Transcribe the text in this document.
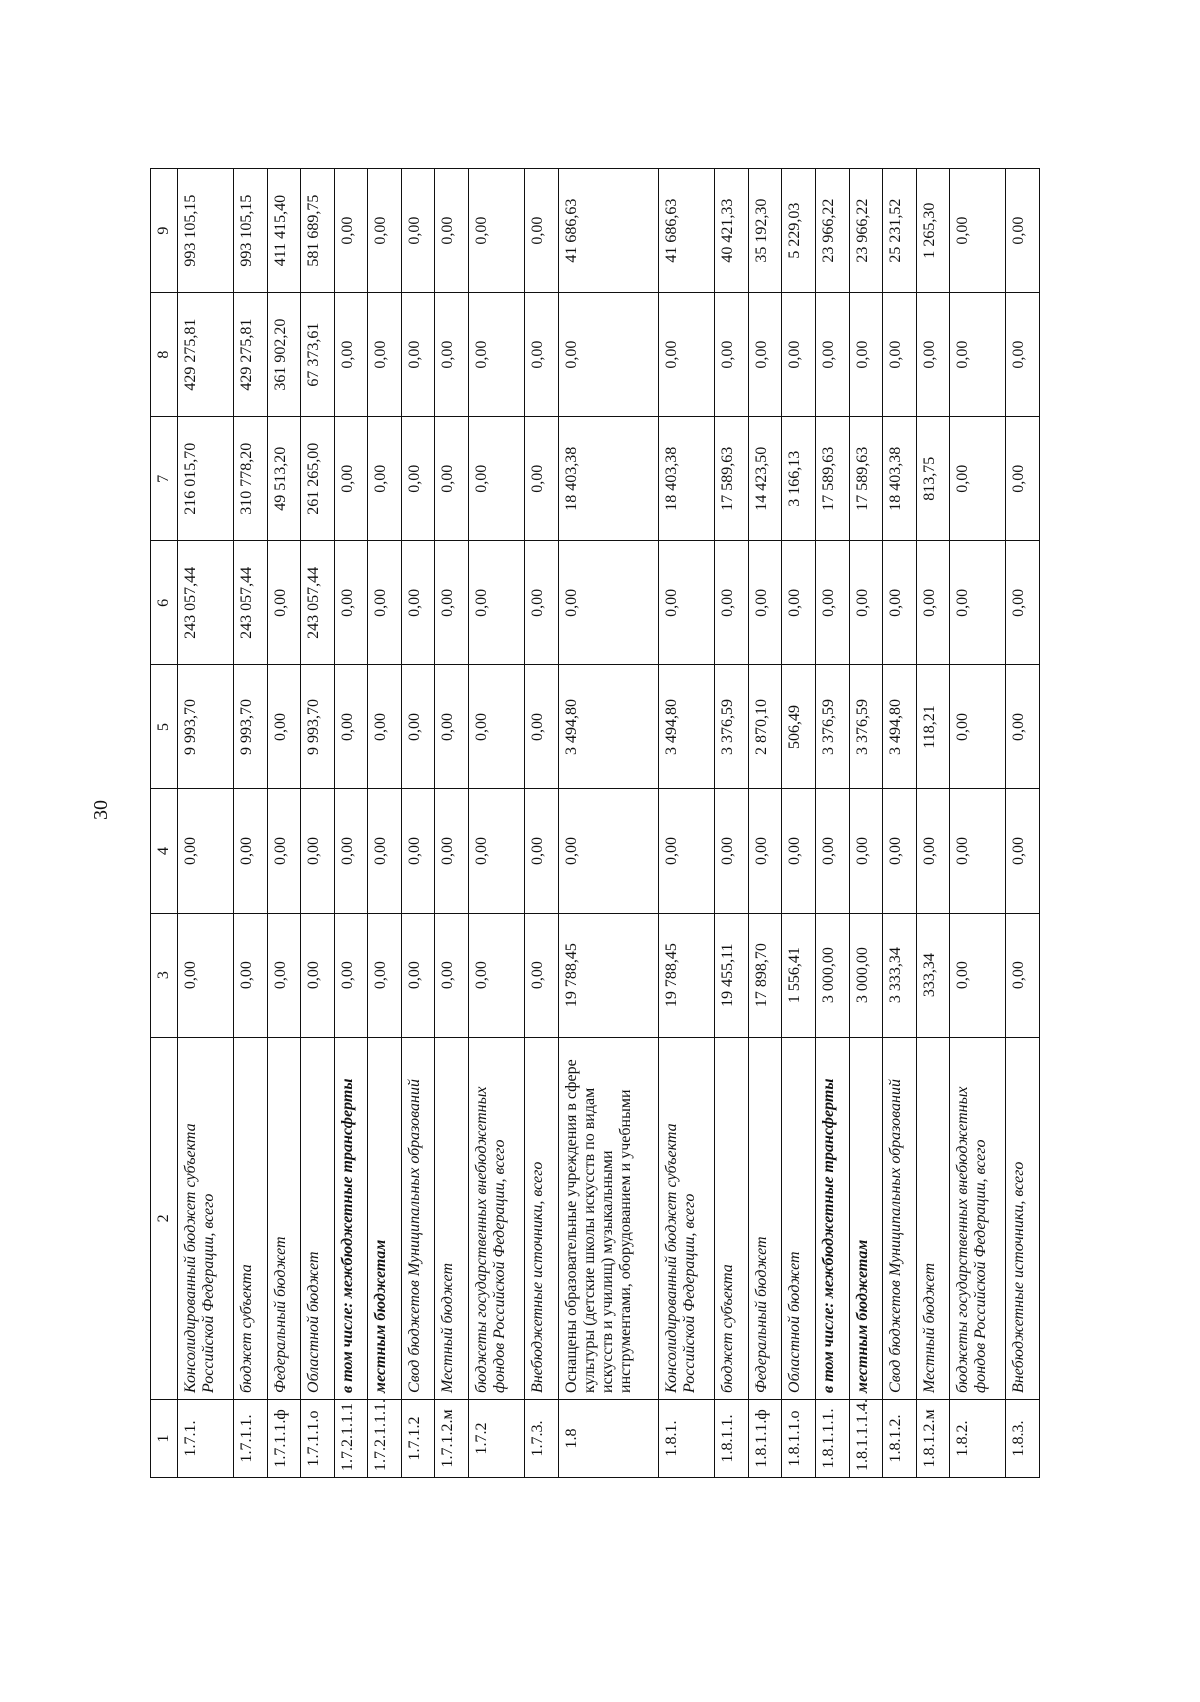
30
1	2	3	4	5	6	7	8	9
1.7.1.	Консолидированный бюджет субъекта Российской Федерации, всего	0,00	0,00	9 993,70	243 057,44	216 015,70	429 275,81	993 105,15
1.7.1.1.	бюджет субъекта	0,00	0,00	9 993,70	243 057,44	310 778,20	429 275,81	993 105,15
1.7.1.1.ф	Федеральный бюджет	0,00	0,00	0,00	0,00	49 513,20	361 902,20	411 415,40
1.7.1.1.о	Областной бюджет	0,00	0,00	9 993,70	243 057,44	261 265,00	67 373,61	581 689,75
1.7.2.1.1.1	в том числе: межбюджетные трансферты	0,00	0,00	0,00	0,00	0,00	0,00	0,00
1.7.2.1.1.1.	местным бюджетам	0,00	0,00	0,00	0,00	0,00	0,00	0,00
1.7.1.2	Свод бюджетов Муниципальных образований	0,00	0,00	0,00	0,00	0,00	0,00	0,00
1.7.1.2.м	Местный бюджет	0,00	0,00	0,00	0,00	0,00	0,00	0,00
1.7.2	бюджеты государственных внебюджетных фондов Российской Федерации, всего	0,00	0,00	0,00	0,00	0,00	0,00	0,00
1.7.3.	Внебюджетные источники, всего	0,00	0,00	0,00	0,00	0,00	0,00	0,00
1.8	Оснащены образовательные учреждения в сфере культуры (детские школы искусств по видам искусств и училищ) музыкальными инструментами, оборудованием и учебными	19 788,45	0,00	3 494,80	0,00	18 403,38	0,00	41 686,63
1.8.1.	Консолидированный бюджет субъекта Российской Федерации, всего	19 788,45	0,00	3 494,80	0,00	18 403,38	0,00	41 686,63
1.8.1.1.	бюджет субъекта	19 455,11	0,00	3 376,59	0,00	17 589,63	0,00	40 421,33
1.8.1.1.ф	Федеральный бюджет	17 898,70	0,00	2 870,10	0,00	14 423,50	0,00	35 192,30
1.8.1.1.о	Областной бюджет	1 556,41	0,00	506,49	0,00	3 166,13	0,00	5 229,03
1.8.1.1.1.	в том числе: межбюджетные трансферты	3 000,00	0,00	3 376,59	0,00	17 589,63	0,00	23 966,22
1.8.1.1.1.4.	местным бюджетам	3 000,00	0,00	3 376,59	0,00	17 589,63	0,00	23 966,22
1.8.1.2.	Свод бюджетов Муниципальных образований	3 333,34	0,00	3 494,80	0,00	18 403,38	0,00	25 231,52
1.8.1.2.м	Местный бюджет	333,34	0,00	118,21	0,00	813,75	0,00	1 265,30
1.8.2.	бюджеты государственных внебюджетных фондов Российской Федерации, всего	0,00	0,00	0,00	0,00	0,00	0,00	0,00
1.8.3.	Внебюджетные источники, всего	0,00	0,00	0,00	0,00	0,00	0,00	0,00
